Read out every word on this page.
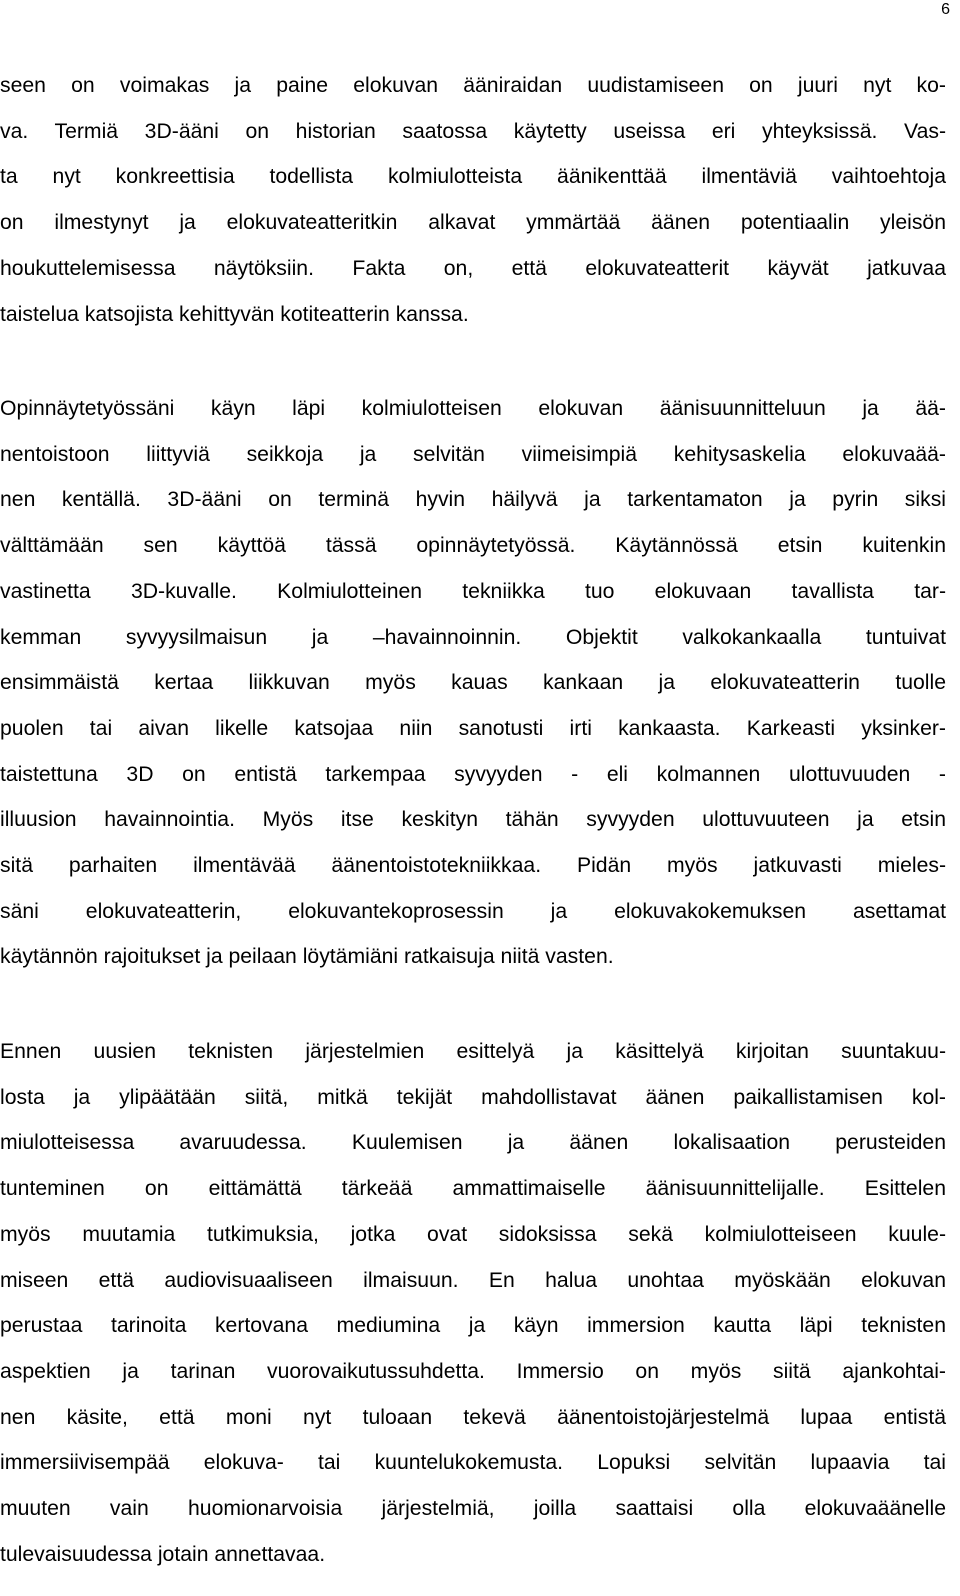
6
seen on voimakas ja paine elokuvan ääniraidan uudistamiseen on juuri nyt ko-
va. Termiä 3D-ääni on historian saatossa käytetty useissa eri yhteyksissä. Vas-
ta nyt konkreettisia todellista kolmiulotteista äänikenttää ilmentäviä vaihtoehtoja
on ilmestynyt ja elokuvateatteritkin alkavat ymmärtää äänen potentiaalin yleisön
houkuttelemisessa näytöksiin. Fakta on, että elokuvateatterit käyvät jatkuvaa
taistelua katsojista kehittyvän kotiteatterin kanssa.
Opinnäytetyössäni käyn läpi kolmiulotteisen elokuvan äänisuunnitteluun ja ää-
nentoistoon liittyviä seikkoja ja selvitän viimeisimpiä kehitysaskelia elokuvaää-
nen kentällä. 3D-ääni on terminä hyvin häilyvä ja tarkentamaton ja pyrin siksi
välttämään sen käyttöä tässä opinnäytetyössä. Käytännössä etsin kuitenkin
vastinetta 3D-kuvalle. Kolmiulotteinen tekniikka tuo elokuvaan tavallista tar-
kemman syvyysilmaisun ja –havainnoinnin. Objektit valkokankaalla tuntuivat
ensimmäistä kertaa liikkuvan myös kauas kankaan ja elokuvateatterin tuolle
puolen tai aivan likelle katsojaa niin sanotusti irti kankaasta. Karkeasti yksinker-
taistettuna 3D on entistä tarkempaa syvyyden - eli kolmannen ulottuvuuden -
illuusion havainnointia. Myös itse keskityn tähän syvyyden ulottuvuuteen ja etsin
sitä parhaiten ilmentävää äänentoistotekniikkaa. Pidän myös jatkuvasti mieles-
säni elokuvateatterin, elokuvantekoprosessin ja elokuvakokemuksen asettamat
käytännön rajoitukset ja peilaan löytämiäni ratkaisuja niitä vasten.
Ennen uusien teknisten järjestelmien esittelyä ja käsittelyä kirjoitan suuntakuu-
losta ja ylipäätään siitä, mitkä tekijät mahdollistavat äänen paikallistamisen kol-
miulotteisessa avaruudessa. Kuulemisen ja äänen lokalisaation perusteiden
tunteminen on eittämättä tärkeää ammattimaiselle äänisuunnittelijalle. Esittelen
myös muutamia tutkimuksia, jotka ovat sidoksissa sekä kolmiulotteiseen kuule-
miseen että audiovisuaaliseen ilmaisuun. En halua unohtaa myöskään elokuvan
perustaa tarinoita kertovana mediumina ja käyn immersion kautta läpi teknisten
aspektien ja tarinan vuorovaikutussuhdetta. Immersio on myös siitä ajankohtai-
nen käsite, että moni nyt tuloaan tekevä äänentoistojärjestelmä lupaa entistä
immersiivisempää elokuva- tai kuuntelukokemusta. Lopuksi selvitän lupaavia tai
muuten vain huomionarvoisia järjestelmiä, joilla saattaisi olla elokuvaäänelle
tulevaisuudessa jotain annettavaa.
